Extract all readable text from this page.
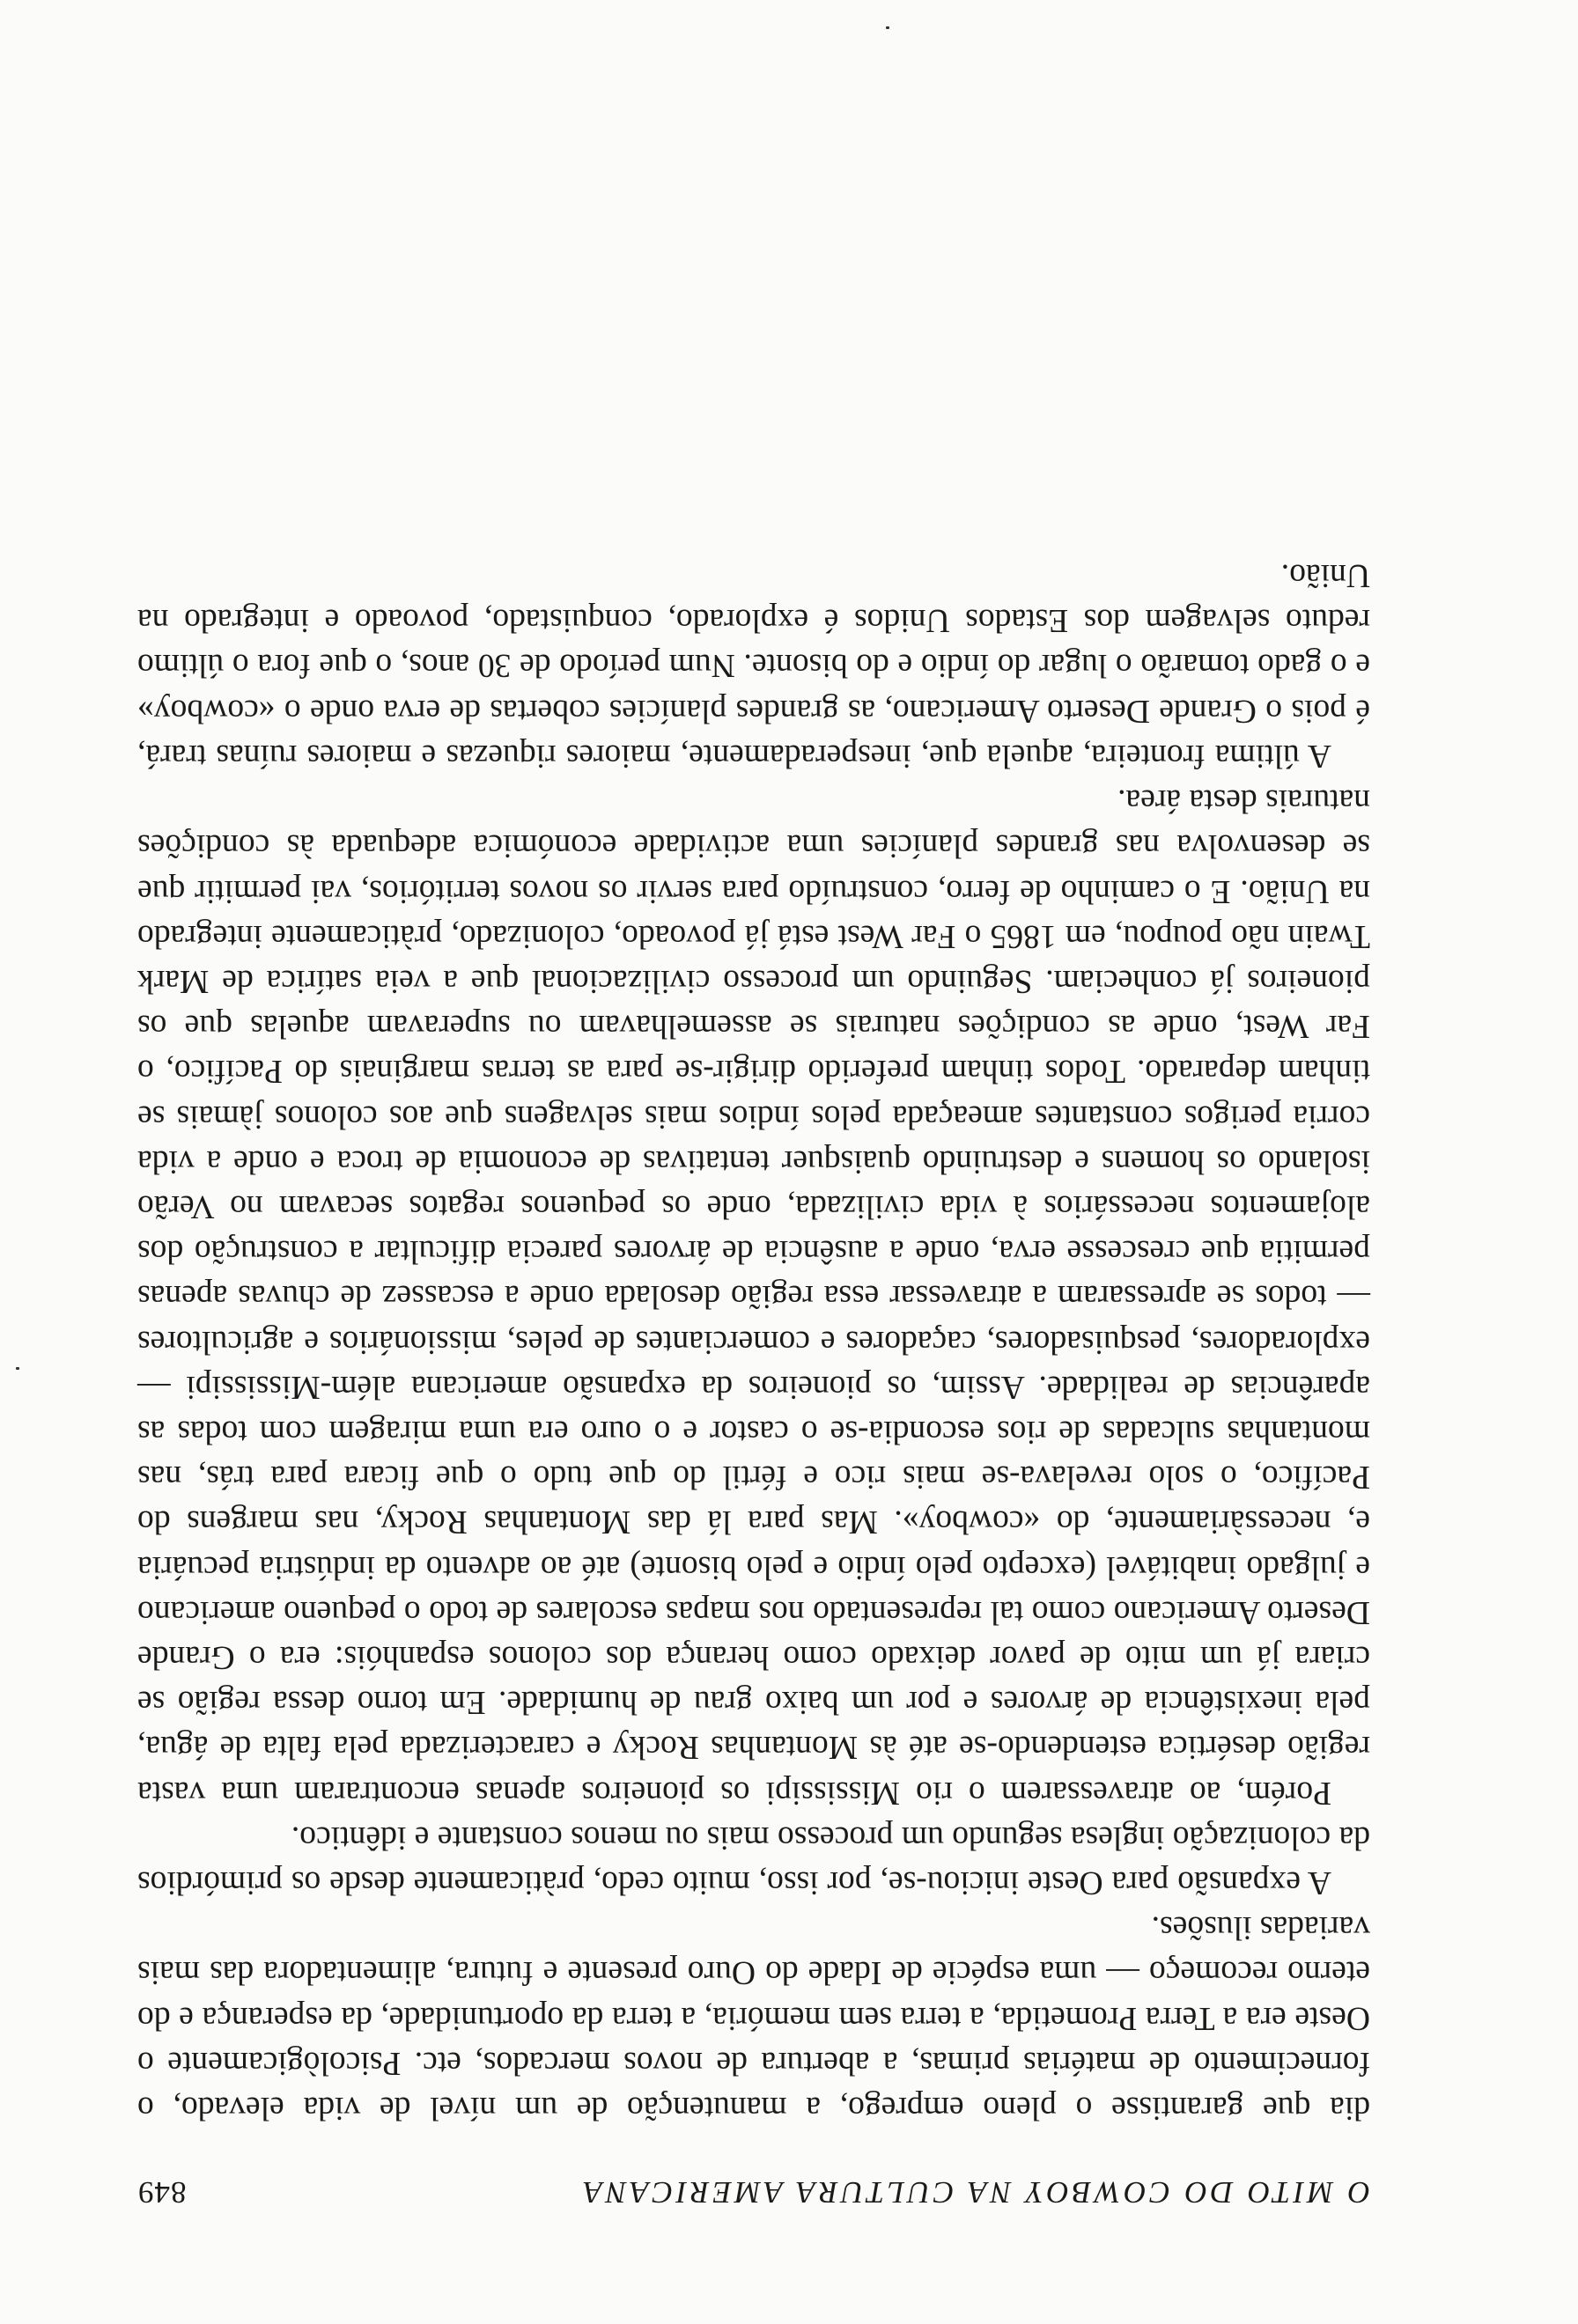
O MITO DO COWBOY NA CULTURA AMERICANA
849

dia que garantisse o pleno emprego, a manutenção de um nível de vida elevado, o fornecimento de matérias primas, a abertura de novos mercados, etc. Psicològicamente o Oeste era a Terra Prometida, a terra sem memória, a terra da oportunidade, da esperança e do eterno recomeço — uma espécie de Idade do Ouro presente e futura, alimentadora das mais variadas ilusões.

A expansão para Oeste iniciou-se, por isso, muito cedo, pràticamente desde os primórdios da colonização inglesa segundo um processo mais ou menos constante e idêntico.

Porém, ao atravessarem o rio Mississipi os pioneiros apenas encontraram uma vasta região desértica estendendo-se até às Montanhas Rocky e caracterizada pela falta de água, pela inexistência de árvores e por um baixo grau de humidade. Em torno dessa região se criara já um mito de pavor deixado como herança dos colonos espanhóis: era o Grande Deserto Americano como tal representado nos mapas escolares de todo o pequeno americano e julgado inabitável (excepto pelo índio e pelo bisonte) até ao advento da indústria pecuária e, necessàriamente, do «cowboy». Mas para lá das Montanhas Rocky, nas margens do Pacífico, o solo revelava-se mais rico e fértil do que tudo o que ficara para trás, nas montanhas sulcadas de rios escondia-se o castor e o ouro era uma miragem com todas as aparências de realidade. Assim, os pioneiros da expansão americana além-Mississipi — exploradores, pesquisadores, caçadores e comerciantes de peles, missionários e agricultores — todos se apressaram a atravessar essa região desolada onde a escassez de chuvas apenas permitia que crescesse erva, onde a ausência de árvores parecia dificultar a construção dos alojamentos necessários à vida civilizada, onde os pequenos regatos secavam no Verão isolando os homens e destruindo quaisquer tentativas de economia de troca e onde a vida corria perigos constantes ameaçada pelos índios mais selvagens que aos colonos jàmais se tinham deparado. Todos tinham preferido dirigir-se para as terras marginais do Pacífico, o Far West, onde as condições naturais se assemelhavam ou superavam aquelas que os pioneiros já conheciam. Seguindo um processo civilizacional que a veia satírica de Mark Twain não poupou, em 1865 o Far West está já povoado, colonizado, pràticamente integrado na União. E o caminho de ferro, construído para servir os novos territórios, vai permitir que se desenvolva nas grandes planícies uma actividade económica adequada às condições naturais desta área.

A última fronteira, aquela que, inesperadamente, maiores riquezas e maiores ruínas trará, é pois o Grande Deserto Americano, as grandes planícies cobertas de erva onde o «cowboy» e o gado tomarão o lugar do índio e do bisonte. Num período de 30 anos, o que fora o último reduto selvagem dos Estados Unidos é explorado, conquistado, povoado e integrado na União.
